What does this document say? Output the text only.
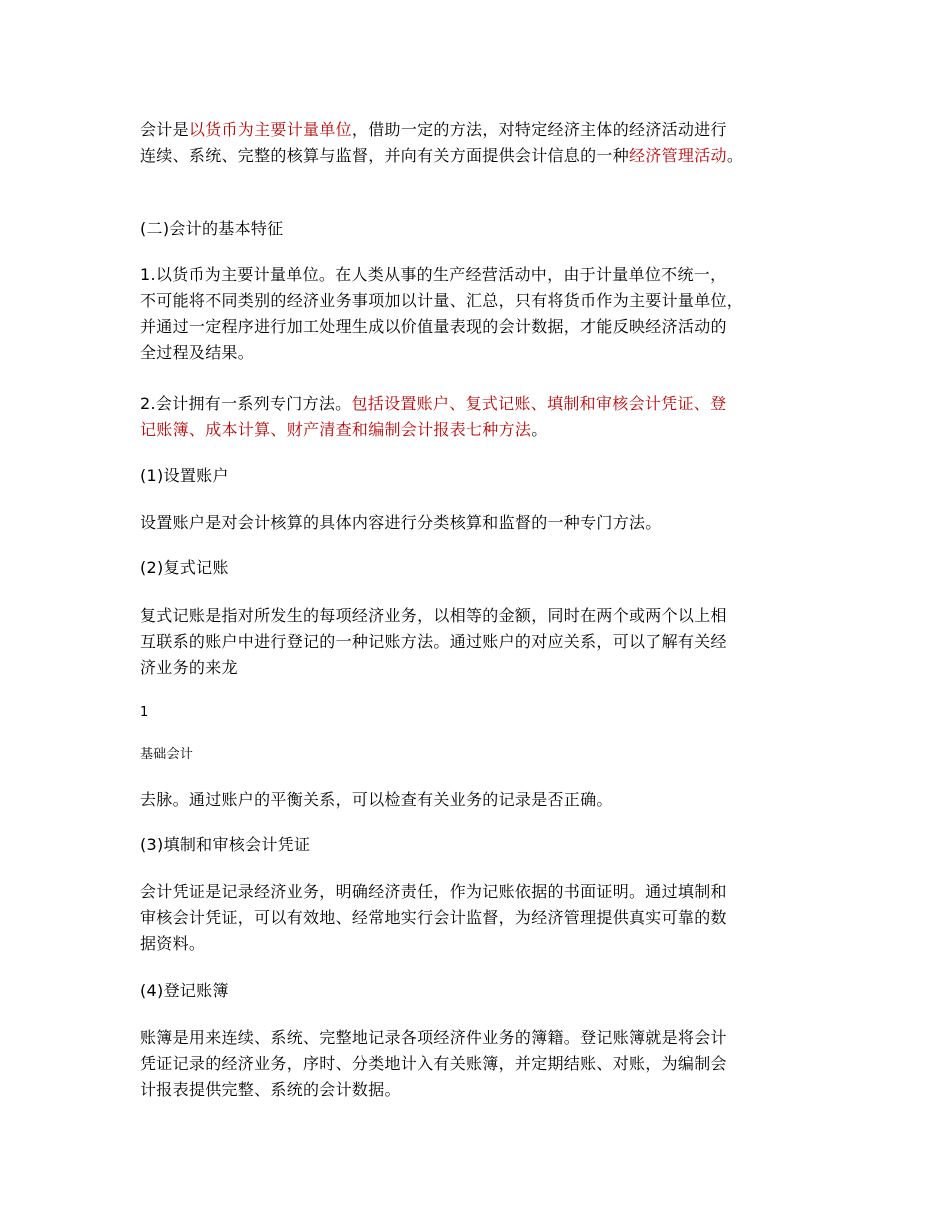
会计是以货币为主要计量单位，借助一定的方法，对特定经济主体的经济活动进行
连续、系统、完整的核算与监督，并向有关方面提供会计信息的一种经济管理活动。

(二)会计的基本特征

1.以货币为主要计量单位。在人类从事的生产经营活动中，由于计量单位不统一，
不可能将不同类别的经济业务事项加以计量、汇总，只有将货币作为主要计量单位，
并通过一定程序进行加工处理生成以价值量表现的会计数据，才能反映经济活动的
全过程及结果。

2.会计拥有一系列专门方法。包括设置账户、复式记账、填制和审核会计凭证、登
记账簿、成本计算、财产清查和编制会计报表七种方法。

(1)设置账户

设置账户是对会计核算的具体内容进行分类核算和监督的一种专门方法。

(2)复式记账

复式记账是指对所发生的每项经济业务，以相等的金额，同时在两个或两个以上相
互联系的账户中进行登记的一种记账方法。通过账户的对应关系，可以了解有关经
济业务的来龙

1

基础会计

去脉。通过账户的平衡关系，可以检查有关业务的记录是否正确。

(3)填制和审核会计凭证

会计凭证是记录经济业务，明确经济责任，作为记账依据的书面证明。通过填制和
审核会计凭证，可以有效地、经常地实行会计监督，为经济管理提供真实可靠的数
据资料。

(4)登记账簿

账簿是用来连续、系统、完整地记录各项经济件业务的簿籍。登记账簿就是将会计
凭证记录的经济业务，序时、分类地计入有关账簿，并定期结账、对账，为编制会
计报表提供完整、系统的会计数据。
